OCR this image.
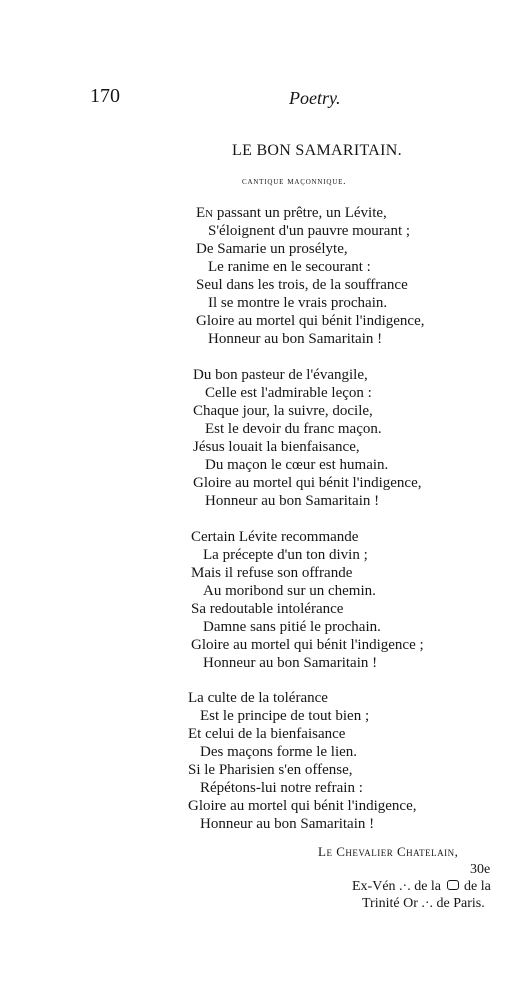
170	Poetry.
LE BON SAMARITAIN.
cantique maçonnique.
En passant un prêtre, un Lévite,
S'éloignent d'un pauvre mourant ;
De Samarie un prosélyte,
Le ranime en le secourant :
Seul dans les trois, de la souffrance
Il se montre le vrais prochain.
Gloire au mortel qui bénit l'indigence,
Honneur au bon Samaritain !
Du bon pasteur de l'évangile,
Celle est l'admirable leçon :
Chaque jour, la suivre, docile,
Est le devoir du franc maçon.
Jésus louait la bienfaisance,
Du maçon le cœur est humain.
Gloire au mortel qui bénit l'indigence,
Honneur au bon Samaritain !
Certain Lévite recommande
La précepte d'un ton divin ;
Mais il refuse son offrande
Au moribond sur un chemin.
Sa redoutable intolérance
Damne sans pitié le prochain.
Gloire au mortel qui bénit l'indigence ;
Honneur au bon Samaritain !
La culte de la tolérance
Est le principe de tout bien ;
Et celui de la bienfaisance
Des maçons forme le lien.
Si le Pharisien s'en offense,
Répétons-lui notre refrain :
Gloire au mortel qui bénit l'indigence,
Honneur au bon Samaritain !
Le Chevalier Chatelain,
30e
Ex-Vén .·. de la de la
Trinité Or .·. de Paris.
